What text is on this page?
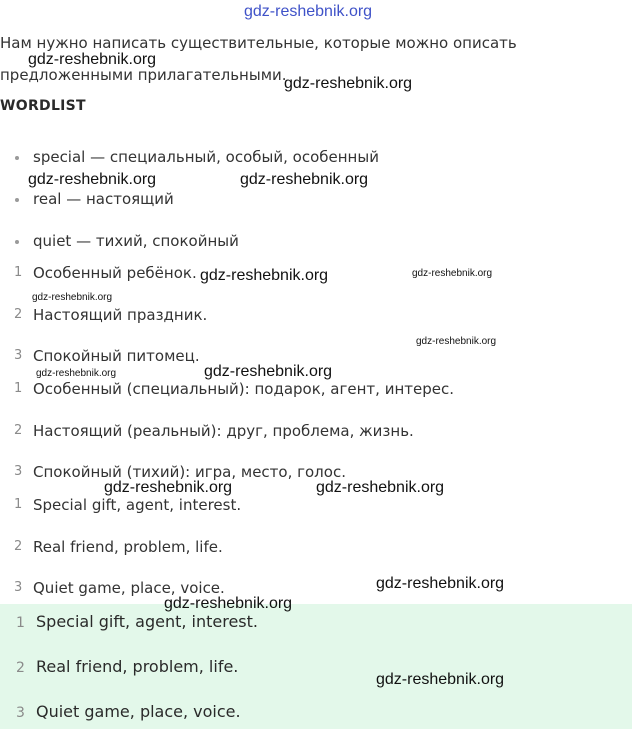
gdz-reshebnik.org
Нам нужно написать существительные, которые можно описать
предложенными прилагательными.
WORDLIST
special — специальный, особый, особенный
real — настоящий
quiet — тихий, спокойный
1 Особенный ребёнок.
2 Настоящий праздник.
3 Спокойный питомец.
1 Особенный (специальный): подарок, агент, интерес.
2 Настоящий (реальный): друг, проблема, жизнь.
3 Спокойный (тихий): игра, место, голос.
1 Special gift, agent, interest.
2 Real friend, problem, life.
3 Quiet game, place, voice.
1 Special gift, agent, interest.
2 Real friend, problem, life.
3 Quiet game, place, voice.
gdz-reshebnik.org
gdz-reshebnik.org
gdz-reshebnik.org	gdz-reshebnik.org
gdz-reshebnik.org	gdz-reshebnik.org
gdz-reshebnik.org
gdz-reshebnik.org
gdz-reshebnik.org	gdz-reshebnik.org
gdz-reshebnik.org	gdz-reshebnik.org
gdz-reshebnik.org
gdz-reshebnik.org
gdz-reshebnik.org
